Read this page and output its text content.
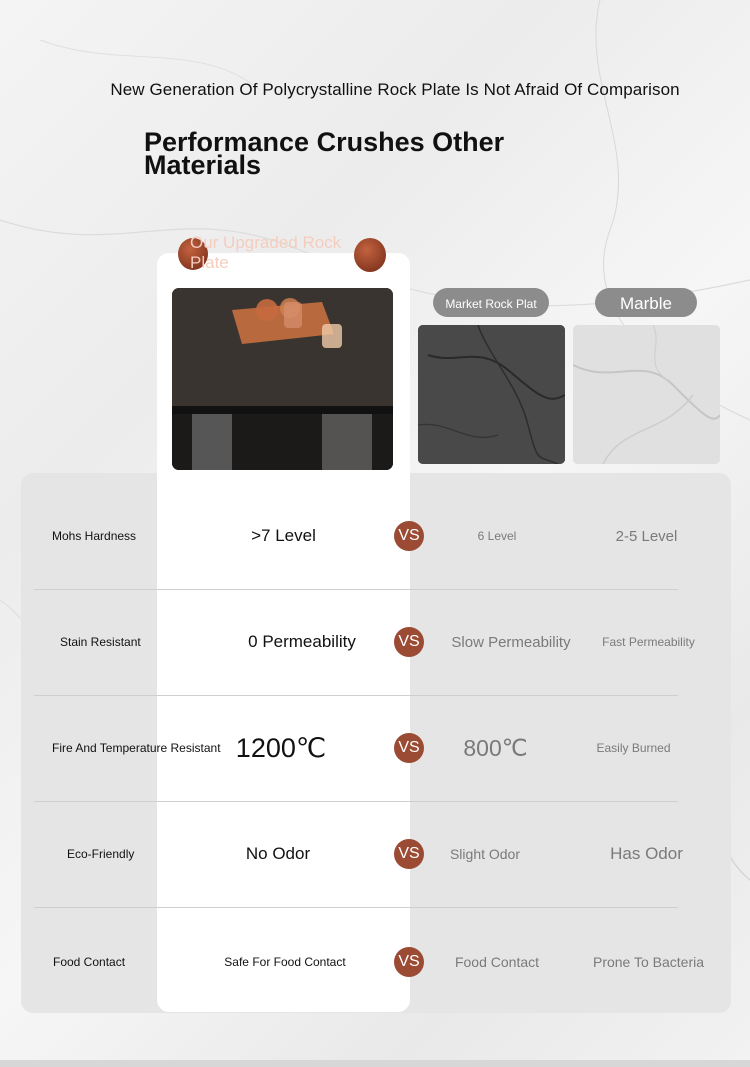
New Generation Of Polycrystalline Rock Plate Is Not Afraid Of Comparison
Performance Crushes Other Materials
Our Upgraded Rock Plate
Market Rock Plat	Marble
Mohs Hardness	>7 Level	VS	6 Level	2-5 Level
Stain Resistant	0 Permeability	VS	Slow Permeability	Fast Permeability
Fire And Temperature Resistant 1200℃	VS	800℃	Easily Burned
Eco-Friendly	No Odor	VS	Slight Odor	Has Odor
Food Contact	Safe For Food Contact	VS	Food Contact	Prone To Bacteria
